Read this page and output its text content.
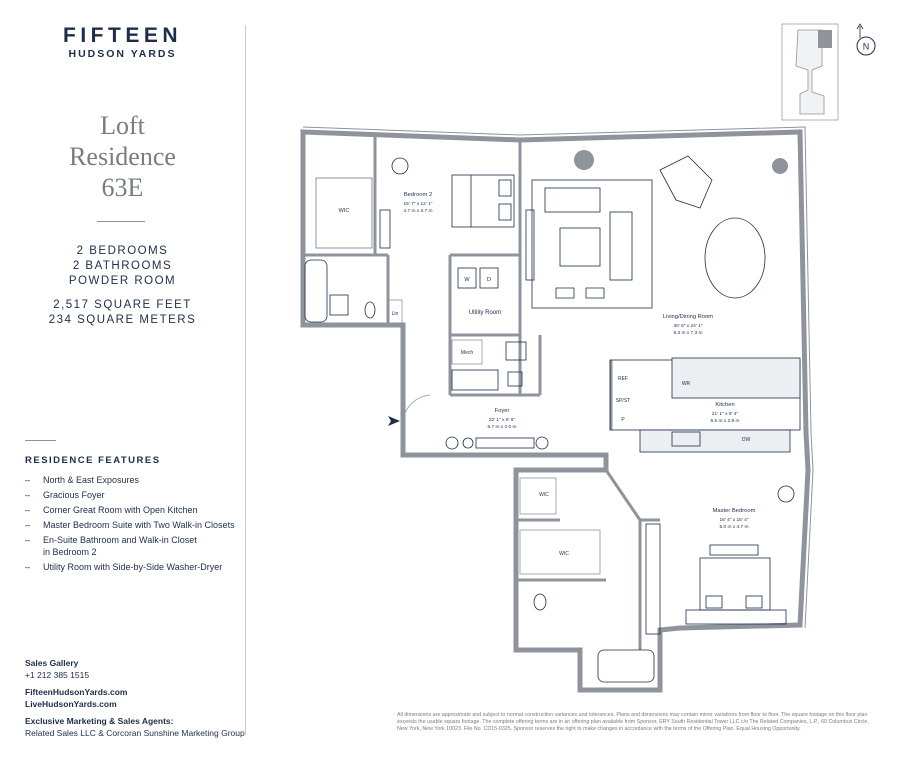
FIFTEEN
HUDSON YARDS
Loft
Residence
63E
2 BEDROOMS
2 BATHROOMS
POWDER ROOM
2,517 SQUARE FEET
234 SQUARE METERS
RESIDENCE FEATURES
–	North & East Exposures
–	Gracious Foyer
–	Corner Great Room with Open Kitchen
–	Master Bedroom Suite with Two Walk-in Closets
–	En-Suite Bathroom and Walk-in Closet
in Bedroom 2
–	Utility Room with Side-by-Side Washer-Dryer
Sales Gallery
+1 212 385 1515
FifteenHudsonYards.com
LiveHudsonYards.com
Exclusive Marketing & Sales Agents:
Related Sales LLC & Corcoran Sunshine Marketing Group
N
WIC
Bedroom 2
15' 7" x 12' 1"
4.7 m x 3.7 m
Lin
W	D
Utility Room
Mech
Foyer
22' 1" x 6' 6"
6.7 m x 2.0 m
Living/Dining Room
30' 6" x 24' 1"
9.3 m x 7.3 m
REF
SP/ST
P
WR
DW
Kitchen
21' 1" x 9' 4"
6.5 m x 2.9 m
WIC
WIC
Master Bedroom
16' 4" x 15' 4"
5.0 m x 4.7 m
All dimensions are approximate and subject to normal construction variances and tolerances. Plans and dimensions may contain minor variations from floor to floor. The square footage on this floor plan exceeds the usable square footage. The complete offering terms are in an offering plan available from Sponsor, ERY South Residential Tower LLC c/o The Related Companies, L.P., 60 Columbus Circle, New York, New York 10023. File No. CD15-0325. Sponsor reserves the right to make changes in accordance with the terms of the Offering Plan. Equal Housing Opportunity.
